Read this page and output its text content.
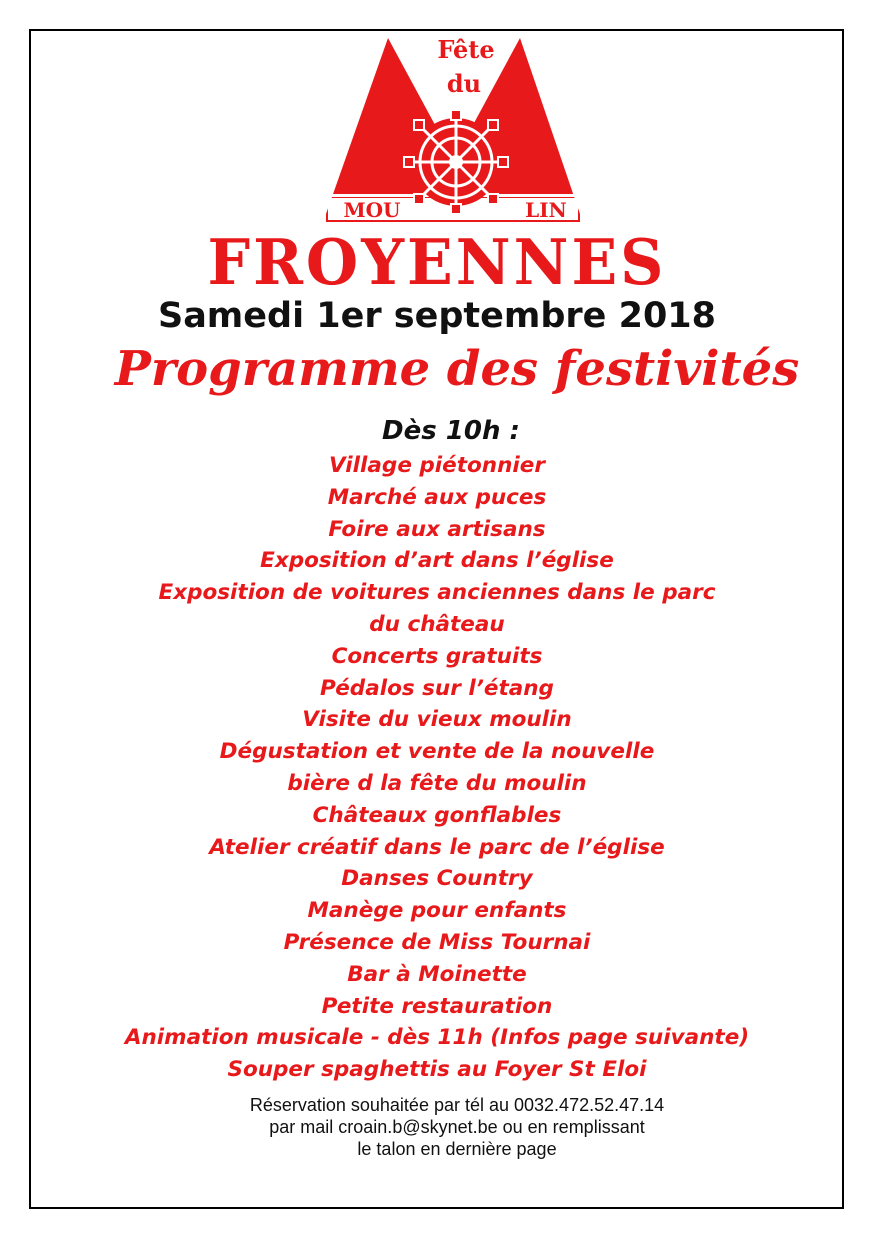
Fête
du
MOU	LIN
FROYENNES
Samedi 1er septembre 2018
Programme des festivités
Dès 10h :
Village piétonnier
Marché aux puces
Foire aux artisans
Exposition d’art dans l’église
Exposition de voitures anciennes dans le parc
du château
Concerts gratuits
Pédalos sur l’étang
Visite du vieux moulin
Dégustation et vente de la nouvelle
bière d la fête du moulin
Châteaux gonflables
Atelier créatif dans le parc de l’église
Danses Country
Manège pour enfants
Présence de Miss Tournai
Bar à Moinette
Petite restauration
Animation musicale - dès 11h (Infos page suivante)
Souper spaghettis au Foyer St Eloi
Réservation souhaitée par tél au 0032.472.52.47.14
par mail croain.b@skynet.be ou en remplissant
le talon en dernière page
